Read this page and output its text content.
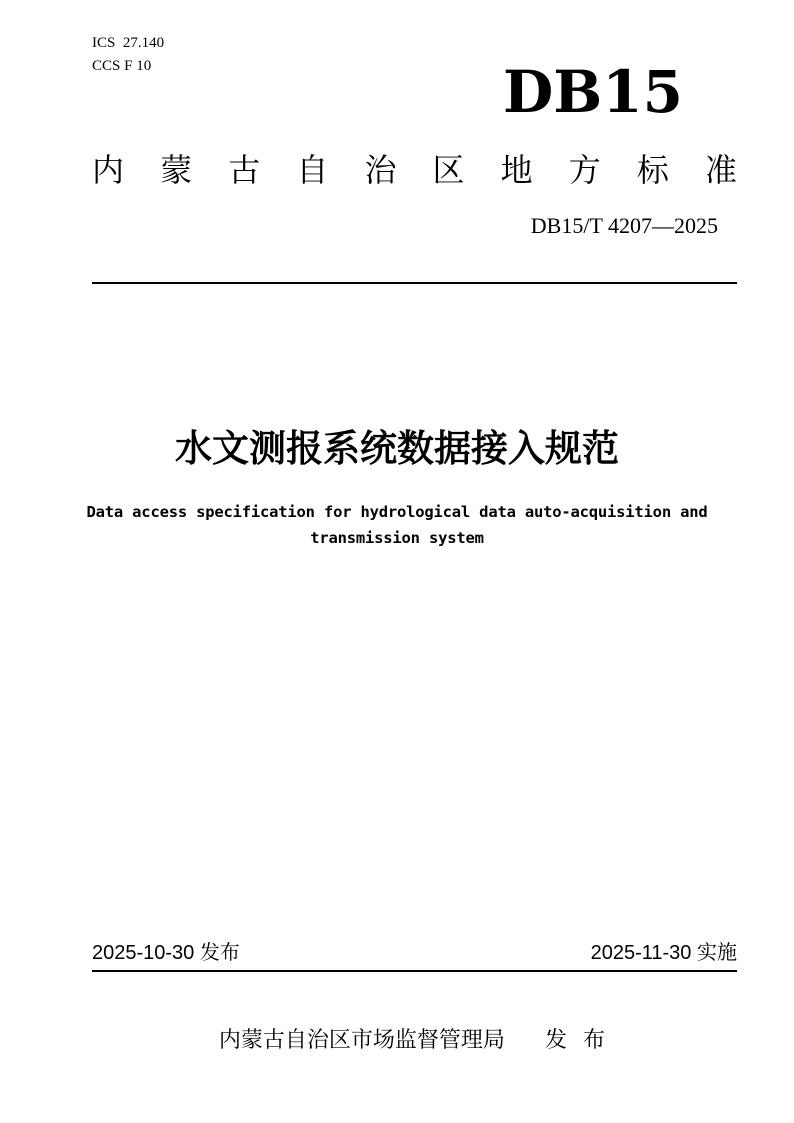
ICS  27.140
CCS F 10	DB15
内蒙古自治区地方标准
DB15/T 4207—2025
水文测报系统数据接入规范
Data access specification for hydrological data auto-acquisition and
transmission system
2025-10-30 发布	2025-11-30 实施
内蒙古自治区市场监督管理局 发 布
